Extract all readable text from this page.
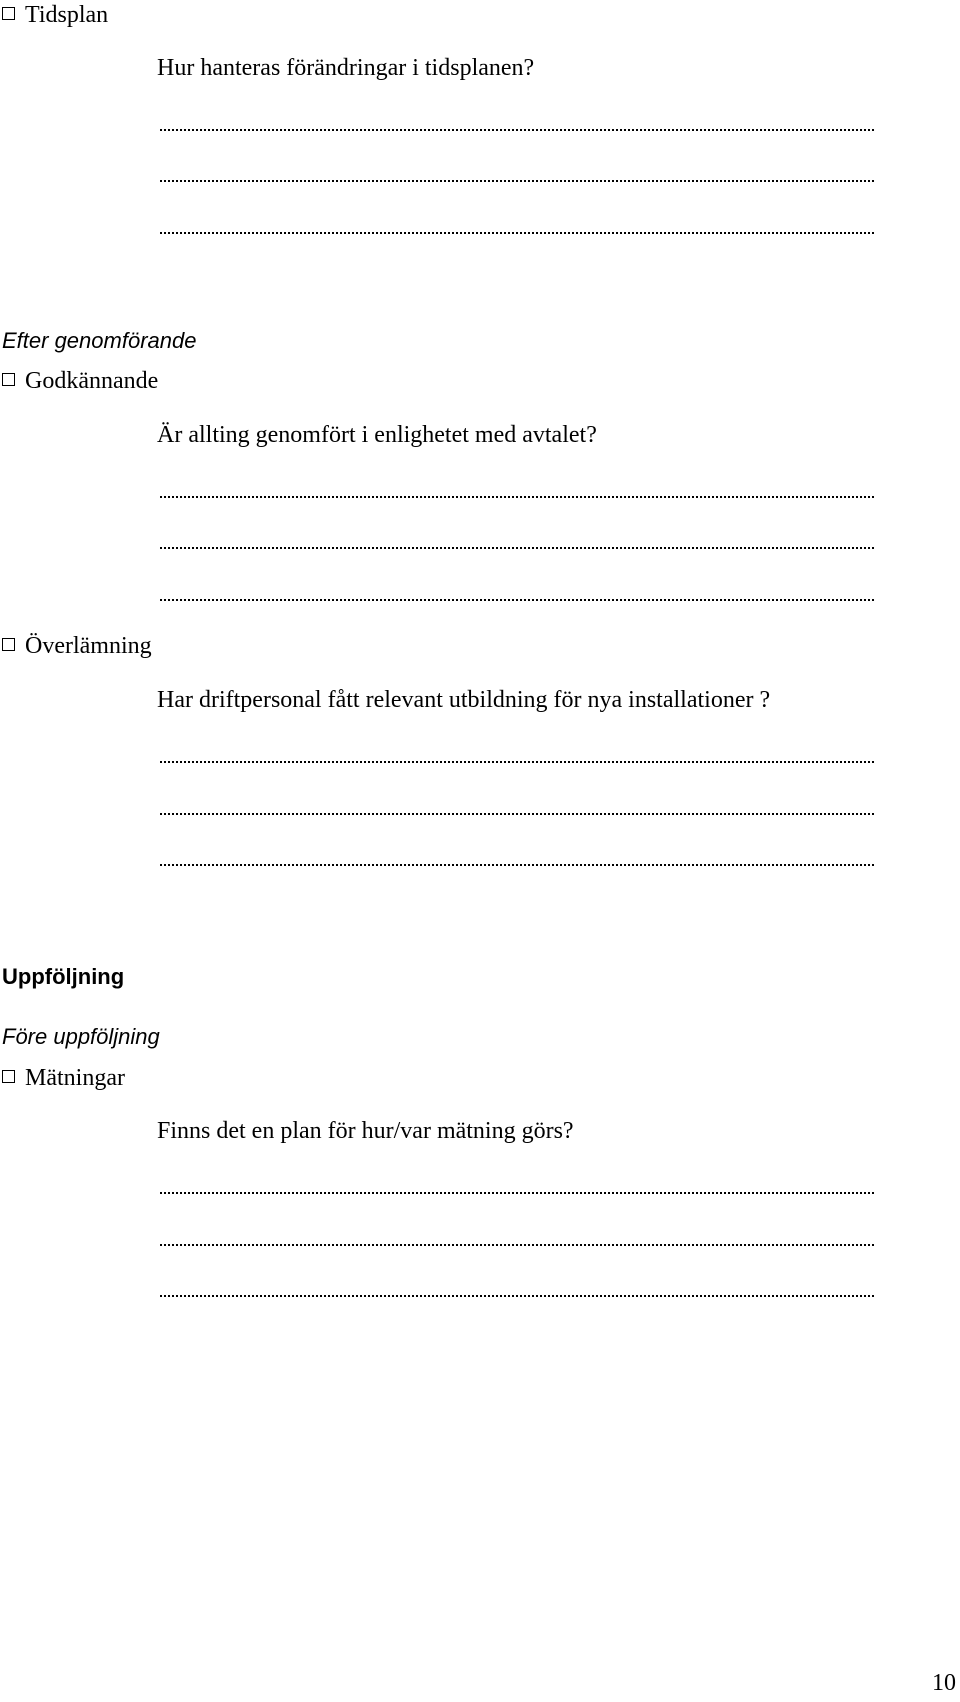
Tidsplan
Hur hanteras förändringar i tidsplanen?
Efter genomförande
Godkännande
Är allting genomfört i enlighetet med avtalet?
Överlämning
Har driftpersonal fått relevant utbildning för nya installationer ?
Uppföljning
Före uppföljning
Mätningar
Finns det en plan för hur/var mätning görs?
10
